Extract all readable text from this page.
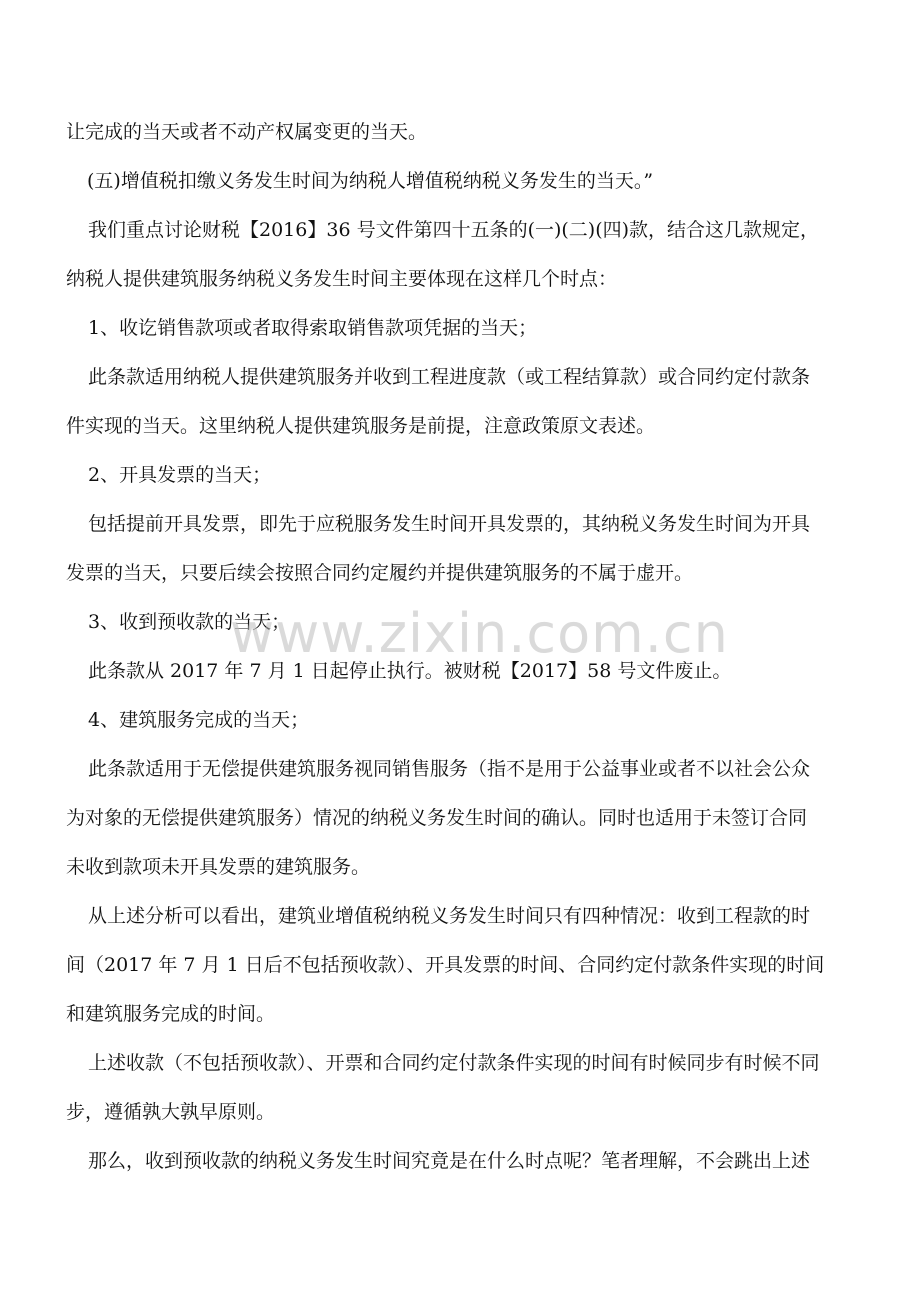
让完成的当天或者不动产权属变更的当天。
(五)增值税扣缴义务发生时间为纳税人增值税纳税义务发生的当天。”
我们重点讨论财税【2016】36 号文件第四十五条的(一)(二)(四)款，结合这几款规定，
纳税人提供建筑服务纳税义务发生时间主要体现在这样几个时点：
1、收讫销售款项或者取得索取销售款项凭据的当天；
此条款适用纳税人提供建筑服务并收到工程进度款（或工程结算款）或合同约定付款条
件实现的当天。这里纳税人提供建筑服务是前提，注意政策原文表述。
2、开具发票的当天；
包括提前开具发票，即先于应税服务发生时间开具发票的，其纳税义务发生时间为开具
发票的当天，只要后续会按照合同约定履约并提供建筑服务的不属于虚开。
3、收到预收款的当天；
此条款从 2017 年 7 月 1 日起停止执行。被财税【2017】58 号文件废止。
4、建筑服务完成的当天；
此条款适用于无偿提供建筑服务视同销售服务（指不是用于公益事业或者不以社会公众
为对象的无偿提供建筑服务）情况的纳税义务发生时间的确认。同时也适用于未签订合同
未收到款项未开具发票的建筑服务。
从上述分析可以看出，建筑业增值税纳税义务发生时间只有四种情况：收到工程款的时
间（2017 年 7 月 1 日后不包括预收款）、开具发票的时间、合同约定付款条件实现的时间
和建筑服务完成的时间。
上述收款（不包括预收款）、开票和合同约定付款条件实现的时间有时候同步有时候不同
步，遵循孰大孰早原则。
那么，收到预收款的纳税义务发生时间究竟是在什么时点呢？笔者理解，不会跳出上述
www.zixin.com.cn
